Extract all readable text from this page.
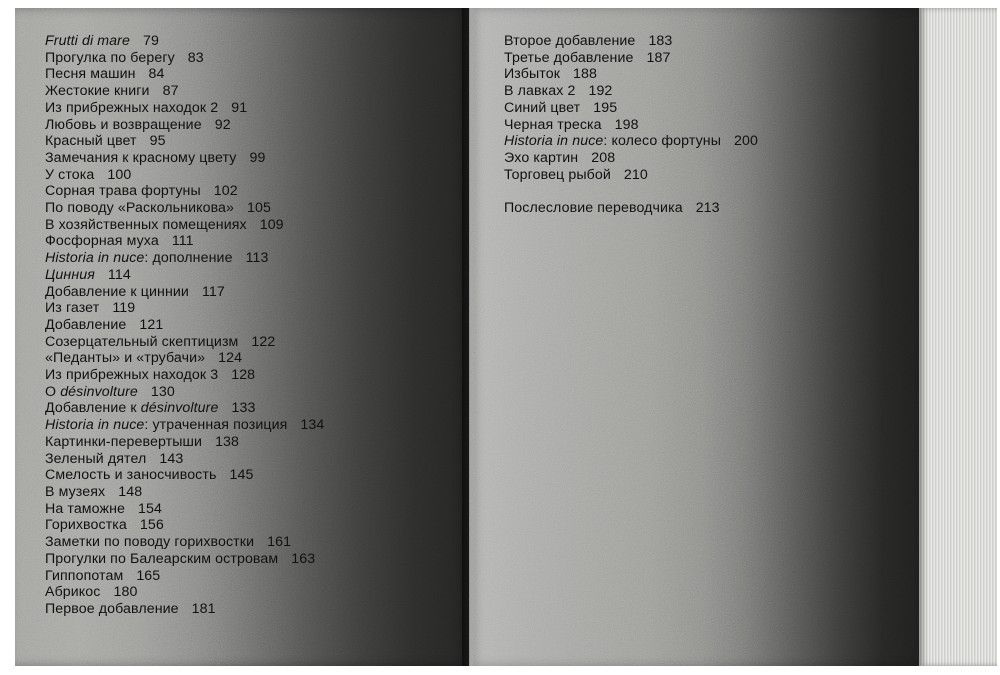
Frutti di mare 79
Прогулка по берегу 83
Песня машин 84
Жестокие книги 87
Из прибрежных находок 2 91
Любовь и возвращение 92
Красный цвет 95
Замечания к красному цвету 99
У стока 100
Сорная трава фортуны 102
По поводу «Раскольникова» 105
В хозяйственных помещениях 109
Фосфорная муха 111
Historia in nuce: дополнение 113
Цинния 114
Добавление к циннии 117
Из газет 119
Добавление 121
Созерцательный скептицизм 122
«Педанты» и «трубачи» 124
Из прибрежных находок 3 128
О désinvolture 130
Добавление к désinvolture 133
Historia in nuce: утраченная позиция 134
Картинки-перевертыши 138
Зеленый дятел 143
Смелость и заносчивость 145
В музеях 148
На таможне 154
Горихвостка 156
Заметки по поводу горихвостки 161
Прогулки по Балеарским островам 163
Гиппопотам 165
Абрикос 180
Первое добавление 181
Второе добавление 183
Третье добавление 187
Избыток 188
В лавках 2 192
Синий цвет 195
Черная треска 198
Historia in nuce: колесо фортуны 200
Эхо картин 208
Торговец рыбой 210
Послесловие переводчика 213
